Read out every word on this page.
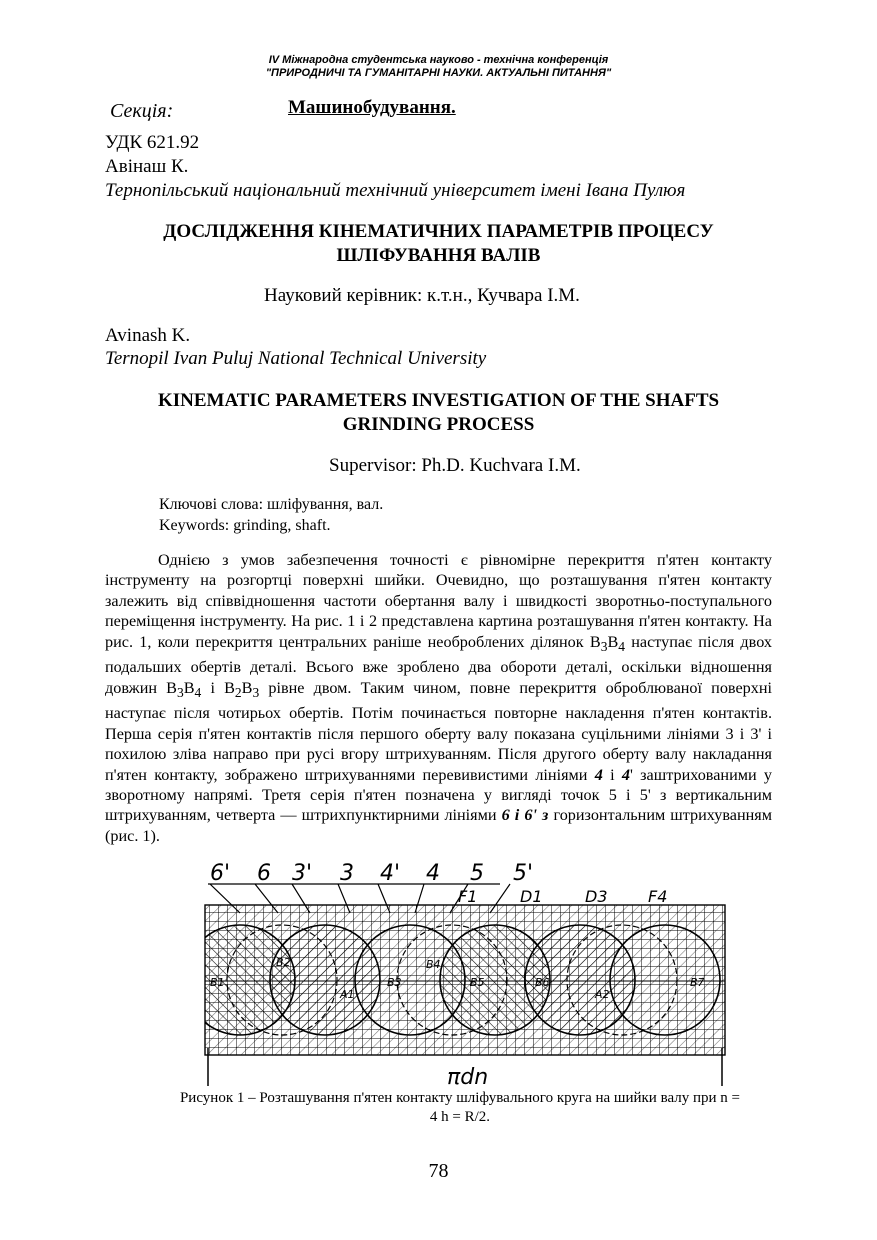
IV Міжнародна студентська науково - технічна конференція
"ПРИРОДНИЧІ ТА ГУМАНІТАРНІ НАУКИ. АКТУАЛЬНІ ПИТАННЯ"
Секція:	Машинобудування.
УДК 621.92
Авінаш К.
Тернопільський національний технічний університет імені Івана Пулюя
ДОСЛІДЖЕННЯ КІНЕМАТИЧНИХ ПАРАМЕТРІВ ПРОЦЕСУ
ШЛІФУВАННЯ ВАЛІВ
Науковий керівник: к.т.н., Кучвара І.М.
Avinash K.
Ternopil Ivan Puluj National Technical University
KINEMATIC PARAMETERS INVESTIGATION OF THE SHAFTS
GRINDING PROCESS
Supervisor: Ph.D. Kuchvara I.M.
Ключові слова: шліфування, вал.
Keywords: grinding, shaft.

Однією з умов забезпечення точності є рівномірне перекриття п'ятен контакту інструменту на розгортці поверхні шийки. Очевидно, що розташування п'ятен контакту залежить від співвідношення частоти обертання валу і швидкості зворотньо-поступального переміщення інструменту. На рис. 1 і 2 представлена картина розташування п'ятен контакту. На рис. 1, коли перекриття центральних раніше необроблених ділянок $B_3B_4$ наступає після двох подальших обертів деталі. Всього вже зроблено два обороти деталі, оскільки відношення довжин $B_3B_4$ і $B_2B_3$ рівне двом. Таким чином, повне перекриття оброблюваної поверхні наступає після чотирьох обертів. Потім починається повторне накладення п'ятен контактів. Перша серія п'ятен контактів після першого оберту валу показана суцільними лініями 3 і 3' і похилою зліва направо при русі вгору штрихуванням. Після другого оберту валу накладання п'ятен контакту, зображено штрихуваннями перевивистими лініями 4 і 4' заштрихованими у зворотному напрямі. Третя серія п'ятен позначена у вигляді точок 5 і 5' з вертикальним штрихуванням, четверта — штрихпунктирними лініями 6 і 6' з горизонтальним штрихуванням (рис. 1).

6' 6 3' 3 4' 4 5 5'
F1	D1	D3	F4
B1
B2
B3
B4
B5	B6	B7
A1	A2
πdn
Рисунок 1 – Розташування п'ятен контакту шліфувального круга на шийки валу при n =
4 h = R/2.
78
